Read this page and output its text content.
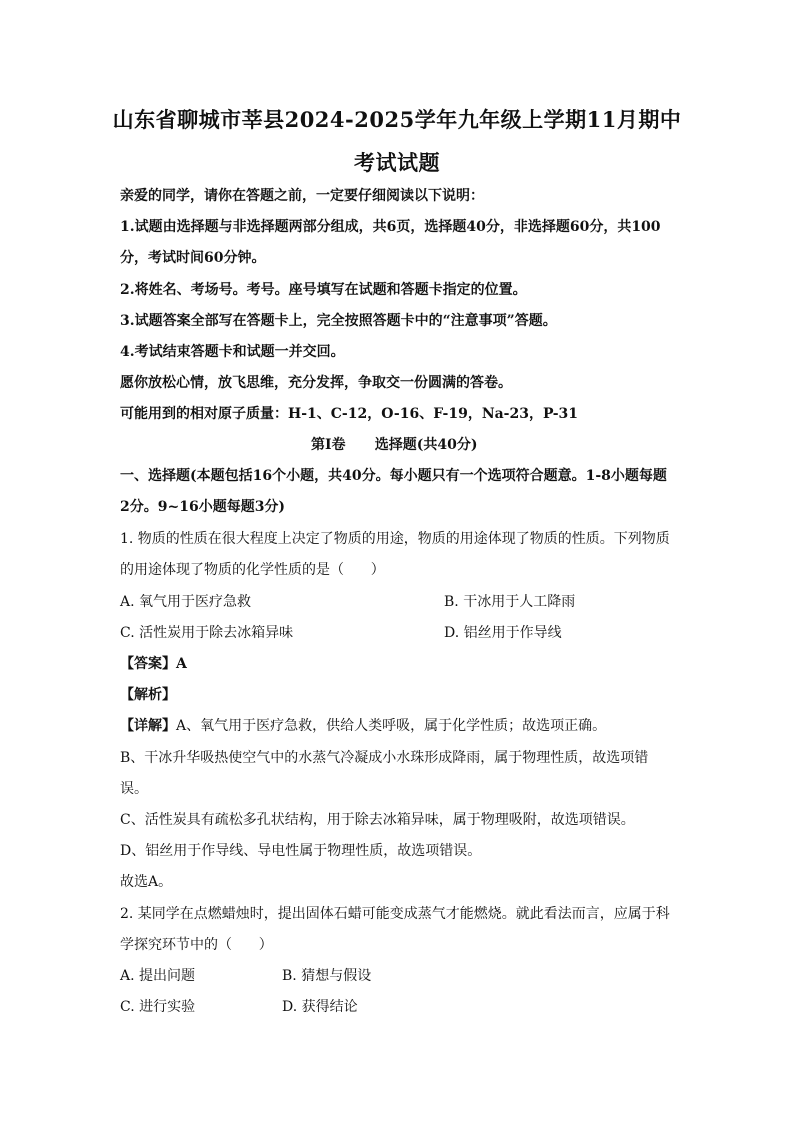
山东省聊城市莘县2024-2025学年九年级上学期11月期中
考试试题
亲爱的同学，请你在答题之前，一定要仔细阅读以下说明：
1.试题由选择题与非选择题两部分组成，共6页，选择题40分，非选择题60分，共100
分，考试时间60分钟。
2.将姓名、考场号。考号。座号填写在试题和答题卡指定的位置。
3.试题答案全部写在答题卡上，完全按照答题卡中的“注意事项”答题。
4.考试结束答题卡和试题一并交回。
愿你放松心情，放飞思维，充分发挥，争取交一份圆满的答卷。
可能用到的相对原子质量：H-1、C-12，O-16、F-19，Na-23，P-31
第Ⅰ卷      选择题(共40分)
一、选择题(本题包括16个小题，共40分。每小题只有一个选项符合题意。1-8小题每题
2分。9~16小题每题3分)
1. 物质的性质在很大程度上决定了物质的用途，物质的用途体现了物质的性质。下列物质
的用途体现了物质的化学性质的是（      ）
A. 氧气用于医疗急救	B. 干冰用于人工降雨
C. 活性炭用于除去冰箱异味	D. 铝丝用于作导线
【答案】A
【解析】
【详解】A、氧气用于医疗急救，供给人类呼吸，属于化学性质；故选项正确。
B、干冰升华吸热使空气中的水蒸气冷凝成小水珠形成降雨，属于物理性质，故选项错
误。
C、活性炭具有疏松多孔状结构，用于除去冰箱异味，属于物理吸附，故选项错误。
D、铝丝用于作导线、导电性属于物理性质，故选项错误。
故选A。
2. 某同学在点燃蜡烛时，提出固体石蜡可能变成蒸气才能燃烧。就此看法而言，应属于科
学探究环节中的（      ）
A. 提出问题	B. 猜想与假设
C. 进行实验	D. 获得结论
